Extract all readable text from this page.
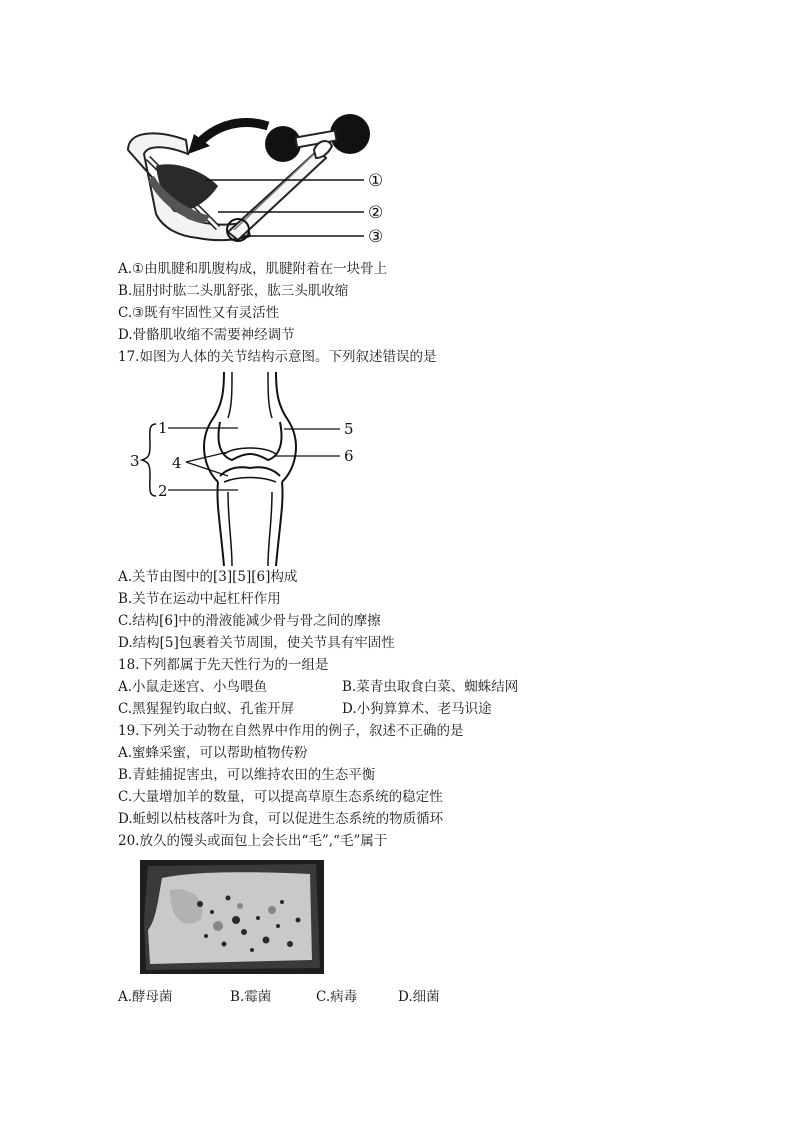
①
②
③
A.①由肌腱和肌腹构成，肌腱附着在一块骨上
B.屈肘时肱二头肌舒张，肱三头肌收缩
C.③既有牢固性又有灵活性
D.骨骼肌收缩不需要神经调节
17.如图为人体的关节结构示意图。下列叙述错误的是
1
2
3 4
5
6
A.关节由图中的[3][5][6]构成
B.关节在运动中起杠杆作用
C.结构[6]中的滑液能减少骨与骨之间的摩擦
D.结构[5]包裹着关节周围，使关节具有牢固性
18.下列都属于先天性行为的一组是
A.小鼠走迷宫、小鸟喂鱼	B.菜青虫取食白菜、蜘蛛结网
C.黑猩猩钓取白蚁、孔雀开屏	D.小狗算算术、老马识途
19.下列关于动物在自然界中作用的例子，叙述不正确的是
A.蜜蜂采蜜，可以帮助植物传粉
B.青蛙捕捉害虫，可以维持农田的生态平衡
C.大量增加羊的数量，可以提高草原生态系统的稳定性
D.蚯蚓以枯枝落叶为食，可以促进生态系统的物质循环
20.放久的馒头或面包上会长出“毛”,“毛”属于
A.酵母菌	B.霉菌	C.病毒	D.细菌
